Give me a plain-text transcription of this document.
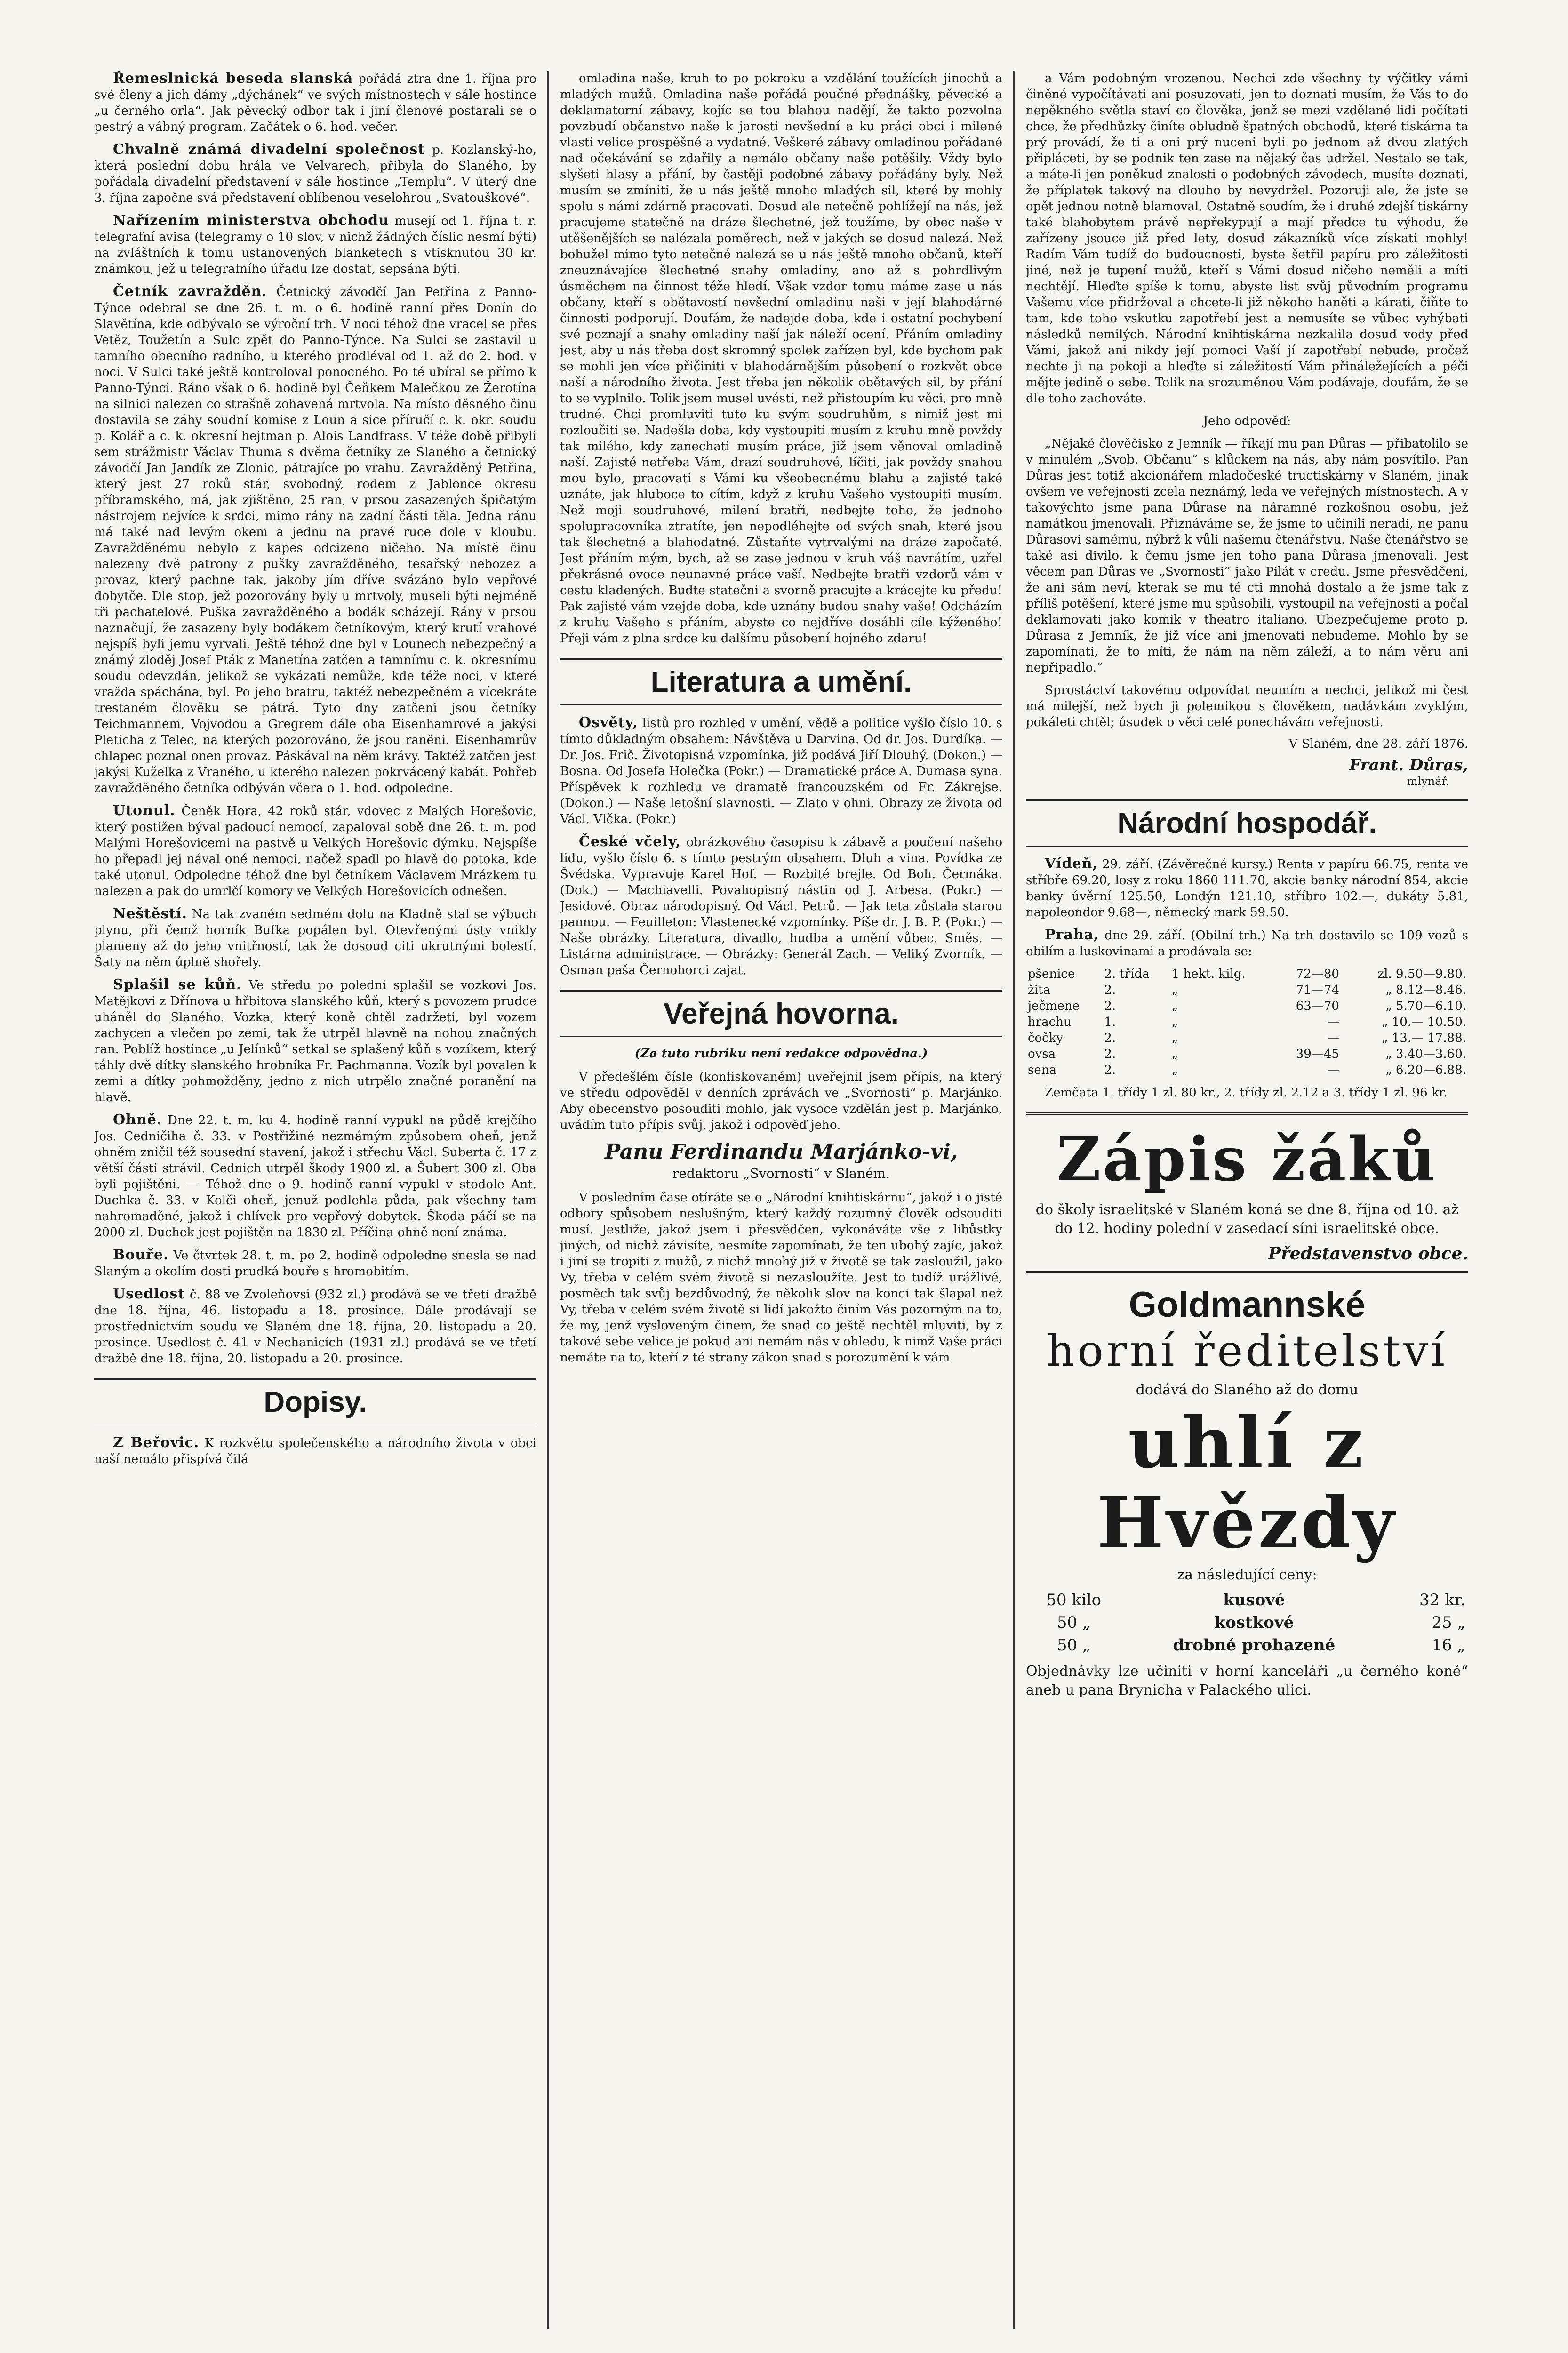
Řemeslnická beseda slanská pořádá ztra dne 1. října pro své členy a jich dámy „dýchánek“ ve svých místnostech v sále hostince „u černého orla“. Jak pěvecký odbor tak i jiní členové postarali se o pestrý a vábný program. Začátek o 6. hod. večer.

Chvalně známá divadelní společnost p. Kozlanský-ho, která poslední dobu hrála ve Velvarech, přibyla do Slaného, by pořádala divadelní představení v sále hostince „Templu“. V úterý dne 3. října započne svá představení oblíbenou veselohrou „Svatouškové“.

Nařízením ministerstva obchodu musejí od 1. října t. r. telegrafní avisa (telegramy o 10 slov, v nichž žádných číslic nesmí býti) na zvláštních k tomu ustanovených blanketech s vtisknutou 30 kr. známkou, jež u telegrafního úřadu lze dostat, sepsána býti.

Četník zavražděn. Četnický závodčí Jan Petřina z Panno-Týnce odebral se dne 26. t. m. o 6. hodině ranní přes Donín do Slavětína, kde odbývalo se výroční trh. V noci téhož dne vracel se přes Vetěz, Toužetín a Sulc zpět do Panno-Týnce. Na Sulci se zastavil u tamního obecního radního, u kterého prodléval od 1. až do 2. hod. v noci. V Sulci také ještě kontroloval ponocného. Po té ubíral se přímo k Panno-Týnci. Ráno však o 6. hodině byl Čeňkem Malečkou ze Žerotína na silnici nalezen co strašně zohavená mrtvola. Na místo děsného činu dostavila se záhy soudní komise z Loun a sice příručí c. k. okr. soudu p. Kolář a c. k. okresní hejtman p. Alois Landfrass. V téže době přibyli sem strážmistr Václav Thuma s dvěma četníky ze Slaného a četnický závodčí Jan Jandík ze Zlonic, pátrajíce po vrahu. Zavražděný Petřina, který jest 27 roků stár, svobodný, rodem z Jablonce okresu příbramského, má, jak zjištěno, 25 ran, v prsou zasazených špičatým nástrojem nejvíce k srdci, mimo rány na zadní části těla. Jedna ránu má také nad levým okem a jednu na pravé ruce dole v kloubu. Zavražděnému nebylo z kapes odcizeno ničeho. Na místě činu nalezeny dvě patrony z pušky zavražděného, tesařský nebozez a provaz, který pachne tak, jakoby jím dříve svázáno bylo vepřové dobytče. Dle stop, jež pozorovány byly u mrtvoly, museli býti nejméně tři pachatelové. Puška zavražděného a bodák scházejí. Rány v prsou naznačují, že zasazeny byly bodákem četníkovým, který krutí vrahové nejspíš byli jemu vyrvali. Ještě téhož dne byl v Lounech nebezpečný a známý zloděj Josef Pták z Manetína zatčen a tamnímu c. k. okresnímu soudu odevzdán, jelikož se vykázati nemůže, kde téže noci, v které vražda spáchána, byl. Po jeho bratru, taktéž nebezpečném a vícekráte trestaném člověku se pátrá. Tyto dny zatčeni jsou četníky Teichmannem, Vojvodou a Gregrem dále oba Eisenhamrové a jakýsi Pleticha z Telec, na kterých pozorováno, že jsou raněni. Eisenhamrův chlapec poznal onen provaz. Páskával na něm krávy. Taktéž zatčen jest jakýsi Kuželka z Vraného, u kterého nalezen pokrvácený kabát. Pohřeb zavražděného četníka odbýván včera o 1. hod. odpoledne.

Utonul. Čeněk Hora, 42 roků stár, vdovec z Malých Horešovic, který postižen býval padoucí nemocí, zapaloval sobě dne 26. t. m. pod Malými Horešovicemi na pastvě u Velkých Horešovic dýmku. Nejspíše ho přepadl jej nával oné nemoci, načež spadl po hlavě do potoka, kde také utonul. Odpoledne téhož dne byl četníkem Václavem Mrázkem tu nalezen a pak do umrlčí komory ve Velkých Horešovicích odnešen.

Neštěstí. Na tak zvaném sedmém dolu na Kladně stal se výbuch plynu, při čemž horník Bufka popálen byl. Otevřenými ústy vnikly plameny až do jeho vnitřností, tak že dosoud citi ukrutnými bolestí. Šaty na něm úplně shořely.

Splašil se kůň. Ve středu po poledni splašil se vozkovi Jos. Matějkovi z Dřínova u hřbitova slanského kůň, který s povozem prudce uháněl do Slaného. Vozka, který koně chtěl zadržeti, byl vozem zachycen a vlečen po zemi, tak že utrpěl hlavně na nohou značných ran. Poblíž hostince „u Jelínků“ setkal se splašený kůň s vozíkem, který táhly dvě dítky slanského hrobníka Fr. Pachmanna. Vozík byl povalen k zemi a dítky pohmožděny, jedno z nich utrpělo značné poranění na hlavě.

Ohně. Dne 22. t. m. ku 4. hodině ranní vypukl na půdě krejčího Jos. Cedničiha č. 33. v Postřižiné nezmámým způsobem oheň, jenž ohněm zničil též sousední stavení, jakož i střechu Václ. Suberta č. 17 z větší části strávil. Cednich utrpěl škody 1900 zl. a Šubert 300 zl. Oba byli pojištěni. — Téhož dne o 9. hodině ranní vypukl v stodole Ant. Duchka č. 33. v Kolči oheň, jenuž podlehla půda, pak všechny tam nahromaděné, jakož i chlívek pro vepřový dobytek. Škoda páčí se na 2000 zl. Duchek jest pojištěn na 1830 zl. Příčina ohně není známa.

Bouře. Ve čtvrtek 28. t. m. po 2. hodině odpoledne snesla se nad Slaným a okolím dosti prudká bouře s hromobitím.

Usedlost č. 88 ve Zvoleňovsi (932 zl.) prodává se ve třetí dražbě dne 18. října, 46. listopadu a 18. prosince. Dále prodávají se prostřednictvím soudu ve Slaném dne 18. října, 20. listopadu a 20. prosince. Usedlost č. 41 v Nechanicích (1931 zl.) prodává se ve třetí dražbě dne 18. října, 20. listopadu a 20. prosince.

Dopisy.

Z Beřovic. K rozkvětu společenského a národního života v obci naší nemálo přispívá čilá

omladina naše, kruh to po pokroku a vzdělání toužících jinochů a mladých mužů. Omladina naše pořádá poučné přednášky, pěvecké a deklamatorní zábavy, kojíc se tou blahou nadějí, že takto pozvolna povzbudí občanstvo naše k jarosti nevšední a ku práci obci i milené vlasti velice prospěšné a vydatné. Veškeré zábavy omladinou pořádané nad očekávání se zdařily a nemálo občany naše potěšily. Vždy bylo slyšeti hlasy a přání, by častěji podobné zábavy pořádány byly. Než musím se zmíniti, že u nás ještě mnoho mladých sil, které by mohly spolu s námi zdárně pracovati. Dosud ale netečně pohlížejí na nás, jež pracujeme statečně na dráze šlechetné, jež toužíme, by obec naše v utěšenějších se nalézala poměrech, než v jakých se dosud nalezá. Než bohužel mimo tyto netečné nalezá se u nás ještě mnoho občanů, kteří zneuznávajíce šlechetné snahy omladiny, ano až s pohrdlivým úsměchem na činnost téže hledí. Však vzdor tomu máme zase u nás občany, kteří s obětavostí nevšední omladinu naši v její blahodárné činnosti podporují. Doufám, že nadejde doba, kde i ostatní pochybení své poznají a snahy omladiny naší jak náleží ocení. Přáním omladiny jest, aby u nás třeba dost skromný spolek zařízen byl, kde bychom pak se mohli jen více přičiniti v blahodárnějším působení o rozkvět obce naší a národního života. Jest třeba jen několik obětavých sil, by přání to se vyplnilo. Tolik jsem musel uvésti, než přistoupím ku věci, pro mně trudné. Chci promluviti tuto ku svým soudruhům, s nimiž jest mi rozloučiti se. Nadešla doba, kdy vystoupiti musím z kruhu mně povždy tak milého, kdy zanechati musím práce, již jsem věnoval omladině naší. Zajisté netřeba Vám, drazí soudruhové, líčiti, jak povždy snahou mou bylo, pracovati s Vámi ku všeobecnému blahu a zajisté také uznáte, jak hluboce to cítím, když z kruhu Vašeho vystoupiti musím. Než moji soudruhové, milení bratři, nedbejte toho, že jednoho spolupracovníka ztratíte, jen nepodléhejte od svých snah, které jsou tak šlechetné a blahodatné. Zůstaňte vytrvalými na dráze započaté. Jest přáním mým, bych, až se zase jednou v kruh váš navrátím, uzřel překrásné ovoce neunavné práce vaší. Nedbejte bratři vzdorů vám v cestu kladených. Budte statečni a svorně pracujte a krácejte ku předu! Pak zajisté vám vzejde doba, kde uznány budou snahy vaše! Odcházím z kruhu Vašeho s přáním, abyste co nejdříve dosáhli cíle kýženého! Přeji vám z plna srdce ku dalšímu působení hojného zdaru!

Literatura a umění.

Osvěty, listů pro rozhled v umění, vědě a politice vyšlo číslo 10. s tímto důkladným obsahem: Návštěva u Darvina. Od dr. Jos. Durdíka. — Dr. Jos. Frič. Životopisná vzpomínka, již podává Jiří Dlouhý. (Dokon.) — Bosna. Od Josefa Holečka (Pokr.) — Dramatické práce A. Dumasa syna. Příspěvek k rozhledu ve dramatě francouzském od Fr. Zákrejse. (Dokon.) — Naše letošní slavnosti. — Zlato v ohni. Obrazy ze života od Václ. Vlčka. (Pokr.)

České včely, obrázkového časopisu k zábavě a poučení našeho lidu, vyšlo číslo 6. s tímto pestrým obsahem. Dluh a vina. Povídka ze Švédska. Vypravuje Karel Hof. — Rozbité brejle. Od Boh. Čermáka. (Dok.) — Machiavelli. Povahopisný nástin od J. Arbesa. (Pokr.) — Jesidové. Obraz národopisný. Od Václ. Petrů. — Jak teta zůstala starou pannou. — Feuilleton: Vlastenecké vzpomínky. Píše dr. J. B. P. (Pokr.) — Naše obrázky. Literatura, divadlo, hudba a umění vůbec. Směs. — Listárna administrace. — Obrázky: Generál Zach. — Veliký Zvorník. — Osman paša Černohorci zajat.

Veřejná hovorna.

(Za tuto rubriku není redakce odpovědna.)

V předešlém čísle (konfiskovaném) uveřejnil jsem přípis, na který ve středu odpověděl v denních zprávách ve „Svornosti“ p. Marjánko. Aby obecenstvo posouditi mohlo, jak vysoce vzdělán jest p. Marjánko, uvádím tuto přípis svůj, jakož i odpověď jeho.

Panu Ferdinandu Marjánko-vi,

redaktoru „Svornosti“ v Slaném.

V posledním čase otíráte se o „Národní knihtiskárnu“, jakož i o jisté odbory spůsobem neslušným, který každý rozumný člověk odsouditi musí. Jestliže, jakož jsem i přesvědčen, vykonáváte vše z libůstky jiných, od nichž závisíte, nesmíte zapomínati, že ten ubohý zajíc, jakož i jiní se tropiti z mužů, z nichž mnohý již v životě se tak zasloužil, jako Vy, třeba v celém svém životě si nezasloužíte. Jest to tudíž urážlivé, posměch tak svůj bezdůvodný, že několik slov na konci tak šlapal než Vy, třeba v celém svém životě si lidí jakožto činím Vás pozorným na to, že my, jenž vysloveným činem, že snad co ještě nechtěl mluviti, by z takové sebe velice je pokud ani nemám nás v ohledu, k nimž Vaše práci nemáte na to, kteří z té strany zákon snad s porozumění k vám

a Vám podobným vrozenou. Nechci zde všechny ty výčitky vámi činěné vypočítávati ani posuzovati, jen to doznati musím, že Vás to do nepěkného světla staví co člověka, jenž se mezi vzdělané lidi počítati chce, že předhůzky činíte obludně špatných obchodů, které tiskárna ta prý provádí, že ti a oni prý nuceni byli po jednom až dvou zlatých připláceti, by se podnik ten zase na nějaký čas udržel. Nestalo se tak, a máte-li jen poněkud znalosti o podobných závodech, musíte doznati, že příplatek takový na dlouho by nevydržel. Pozoruji ale, že jste se opět jednou notně blamoval. Ostatně soudím, že i druhé zdejší tiskárny také blahobytem právě nepřekypují a mají předce tu výhodu, že zařízeny jsouce již před lety, dosud zákazníků více získati mohly! Radím Vám tudíž do budoucnosti, byste šetřil papíru pro záležitosti jiné, než je tupení mužů, kteří s Vámi dosud ničeho neměli a míti nechtějí. Hleďte spíše k tomu, abyste list svůj původním programu Vašemu více přidržoval a chcete-li již někoho haněti a kárati, čiňte to tam, kde toho vskutku zapotřebí jest a nemusíte se vůbec vyhýbati následků nemilých. Národní knihtiskárna nezkalila dosud vody před Vámi, jakož ani nikdy její pomoci Vaší jí zapotřebí nebude, pročež nechte ji na pokoji a hleďte si záležitostí Vám přináležejících a péči mějte jedině o sebe. Tolik na srozuměnou Vám podávaje, doufám, že se dle toho zachováte.

Jeho odpověď:

„Nějaké člověčisko z Jemník — říkají mu pan Důras — přibatolilo se v minulém „Svob. Občanu“ s klůckem na nás, aby nám posvítilo. Pan Důras jest totiž akcionářem mladočeské tructiskárny v Slaném, jinak ovšem ve veřejnosti zcela neznámý, leda ve veřejných místnostech. A v takovýchto jsme pana Důrase na náramně rozkošnou osobu, jež namátkou jmenovali. Přiznáváme se, že jsme to učinili neradi, ne panu Důrasovi samému, nýbrž k vůli našemu čtenářstvu. Naše čtenářstvo se také asi divilo, k čemu jsme jen toho pana Důrasa jmenovali. Jest věcem pan Důras ve „Svornosti“ jako Pilát v credu. Jsme přesvědčeni, že ani sám neví, kterak se mu té cti mnohá dostalo a že jsme tak z příliš potěšení, které jsme mu spůsobili, vystoupil na veřejnosti a počal deklamovati jako komik v theatro italiano. Ubezpečujeme proto p. Důrasa z Jemník, že již více ani jmenovati nebudeme. Mohlo by se zapomínati, že to míti, že nám na něm záleží, a to nám věru ani nepřipadlo.“

Sprostáctví takovému odpovídat neumím a nechci, jelikož mi čest má milejší, než bych ji polemikou s člověkem, nadávkám zvyklým, pokáleti chtěl; úsudek o věci celé ponechávám veřejnosti.

V Slaném, dne 28. září 1876.

Frant. Důras,

mlynář.

Národní hospodář.

Vídeň, 29. září. (Závěrečné kursy.) Renta v papíru 66.75, renta ve stříbře 69.20, losy z roku 1860 111.70, akcie banky národní 854, akcie banky úvěrní 125.50, Londýn 121.10, stříbro 102.—, dukáty 5.81, napoleondor 9.68—, německý mark 59.50.

Praha, dne 29. září. (Obilní trh.) Na trh dostavilo se 109 vozů s obilím a luskovinami a prodávala se:

pšenice	2. třída	1 hekt. kilg.	72—80	zl. 9.50—9.80.
žita	2.	„	71—74	„ 8.12—8.46.
ječmene	2.	„	63—70	„ 5.70—6.10.
hrachu	1.	„	—	„ 10.— 10.50.
čočky	2.	„	—	„ 13.— 17.88.
ovsa	2.	„	39—45	„ 3.40—3.60.
sena	2.	„	—	„ 6.20—6.88.

Zemčata 1. třídy 1 zl. 80 kr., 2. třídy zl. 2.12 a 3. třídy 1 zl. 96 kr.

Zápis žáků

do školy israelitské v Slaném koná se dne 8. října od 10. až do 12. hodiny polední v zasedací síni israelitské obce.

Představenstvo obce.

Goldmannské

horní ředitelství

dodává do Slaného až do domu

uhlí z Hvězdy

za následující ceny:

50 kilo	kusové	32 kr.
50 „	kostkové	25 „
50 „	drobné prohazené	16 „

Objednávky lze učiniti v horní kanceláři „u černého koně“ aneb u pana Brynicha v Palackého ulici.
